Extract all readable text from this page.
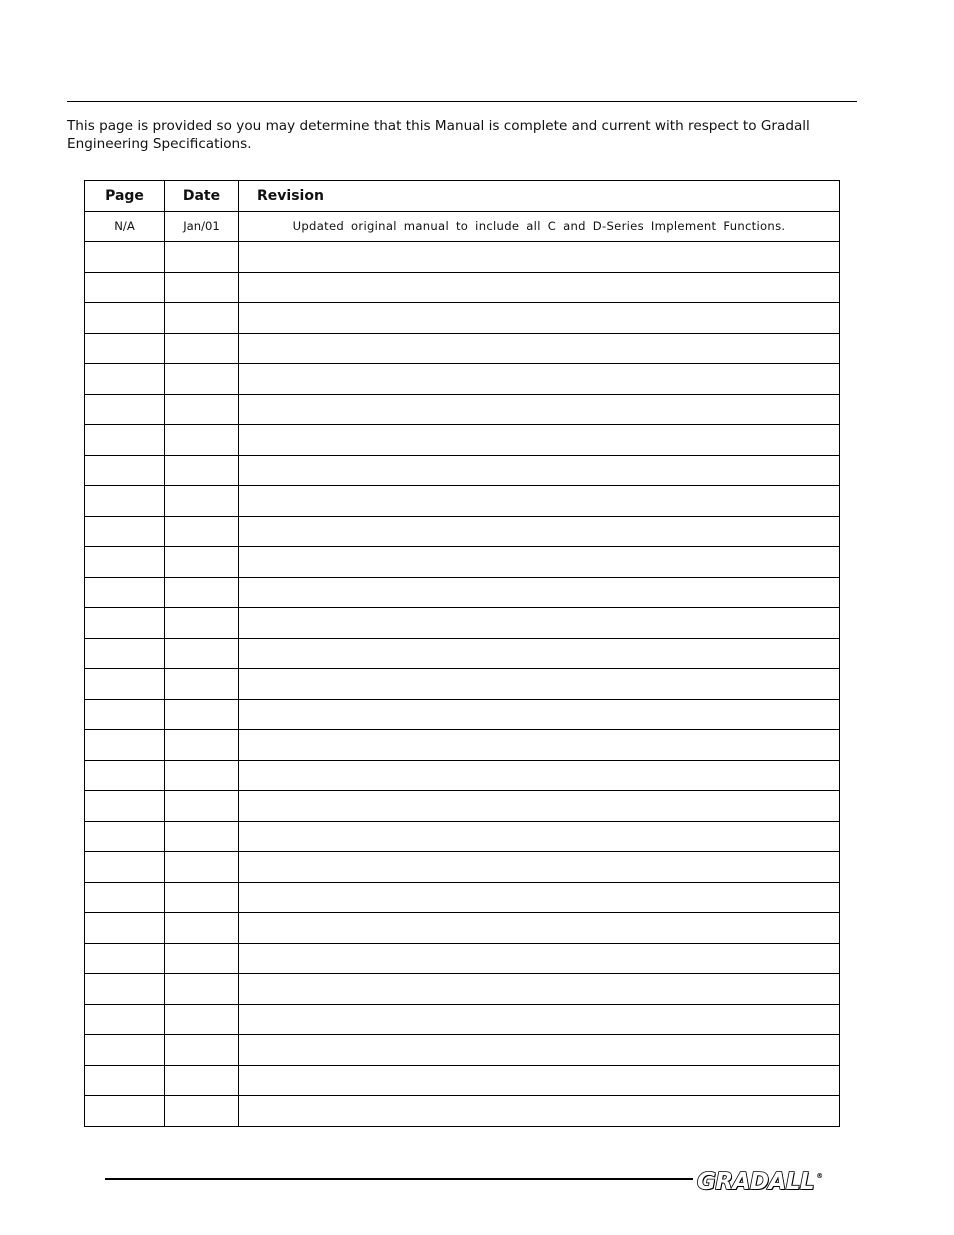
This page is provided so you may determine that this Manual is complete and current with respect to Gradall
Engineering Specifications.

Page	Date	Revision
N/A	Jan/01	Updated original manual to include all C and D-Series Implement Functions.

GRADALL ®
